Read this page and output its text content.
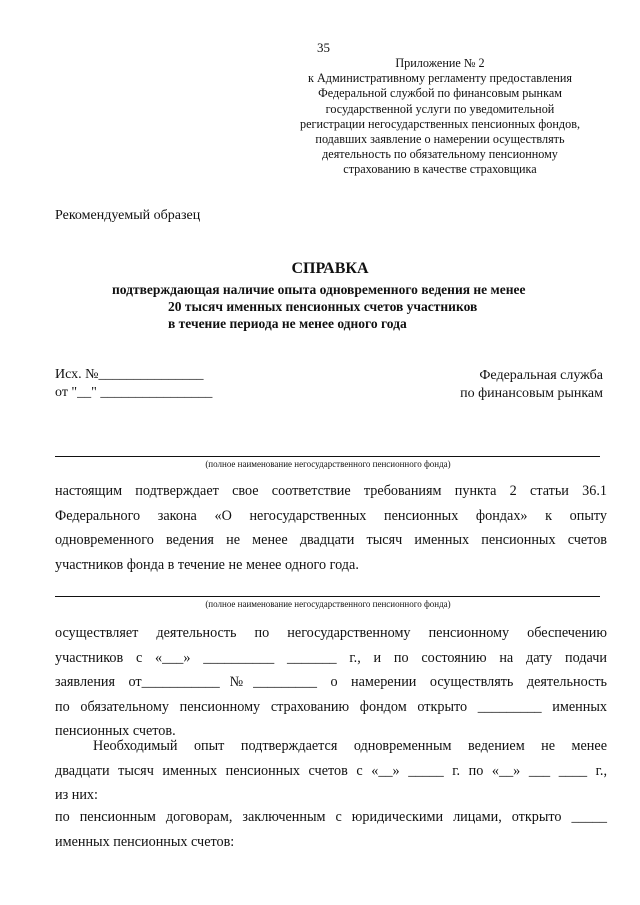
35
Приложение № 2
к Административному регламенту предоставления
Федеральной службой по финансовым рынкам
государственной услуги по уведомительной
регистрации негосударственных пенсионных фондов,
подавших заявление о намерении осуществлять
деятельность по обязательному пенсионному
страхованию в качестве страховщика
Рекомендуемый образец
СПРАВКА
подтверждающая наличие опыта одновременного ведения не менее
20 тысяч именных пенсионных счетов участников
в течение периода не менее одного года
Исх. №_______________
от "__" ________________
Федеральная служба
по финансовым рынкам
(полное наименование негосударственного пенсионного фонда)
настоящим подтверждает свое соответствие требованиям пункта 2 статьи 36.1
Федерального закона «О негосударственных пенсионных фондах» к опыту
одновременного ведения не менее двадцати тысяч именных пенсионных счетов
участников фонда в течение не менее одного года.
(полное наименование негосударственного пенсионного фонда)
осуществляет деятельность по негосударственному пенсионному обеспечению
участников с «___» __________ _______ г., и по состоянию на дату подачи
заявления от___________№_________ о намерении осуществлять деятельность
по обязательному пенсионному страхованию фондом открыто _________ именных
пенсионных счетов.
Необходимый опыт подтверждается одновременным ведением не менее
двадцати тысяч именных пенсионных счетов с «__» _____ г. по «__» ___ ____ г.,
из них:
по пенсионным договорам, заключенным с юридическими лицами, открыто _____
именных пенсионных счетов:
